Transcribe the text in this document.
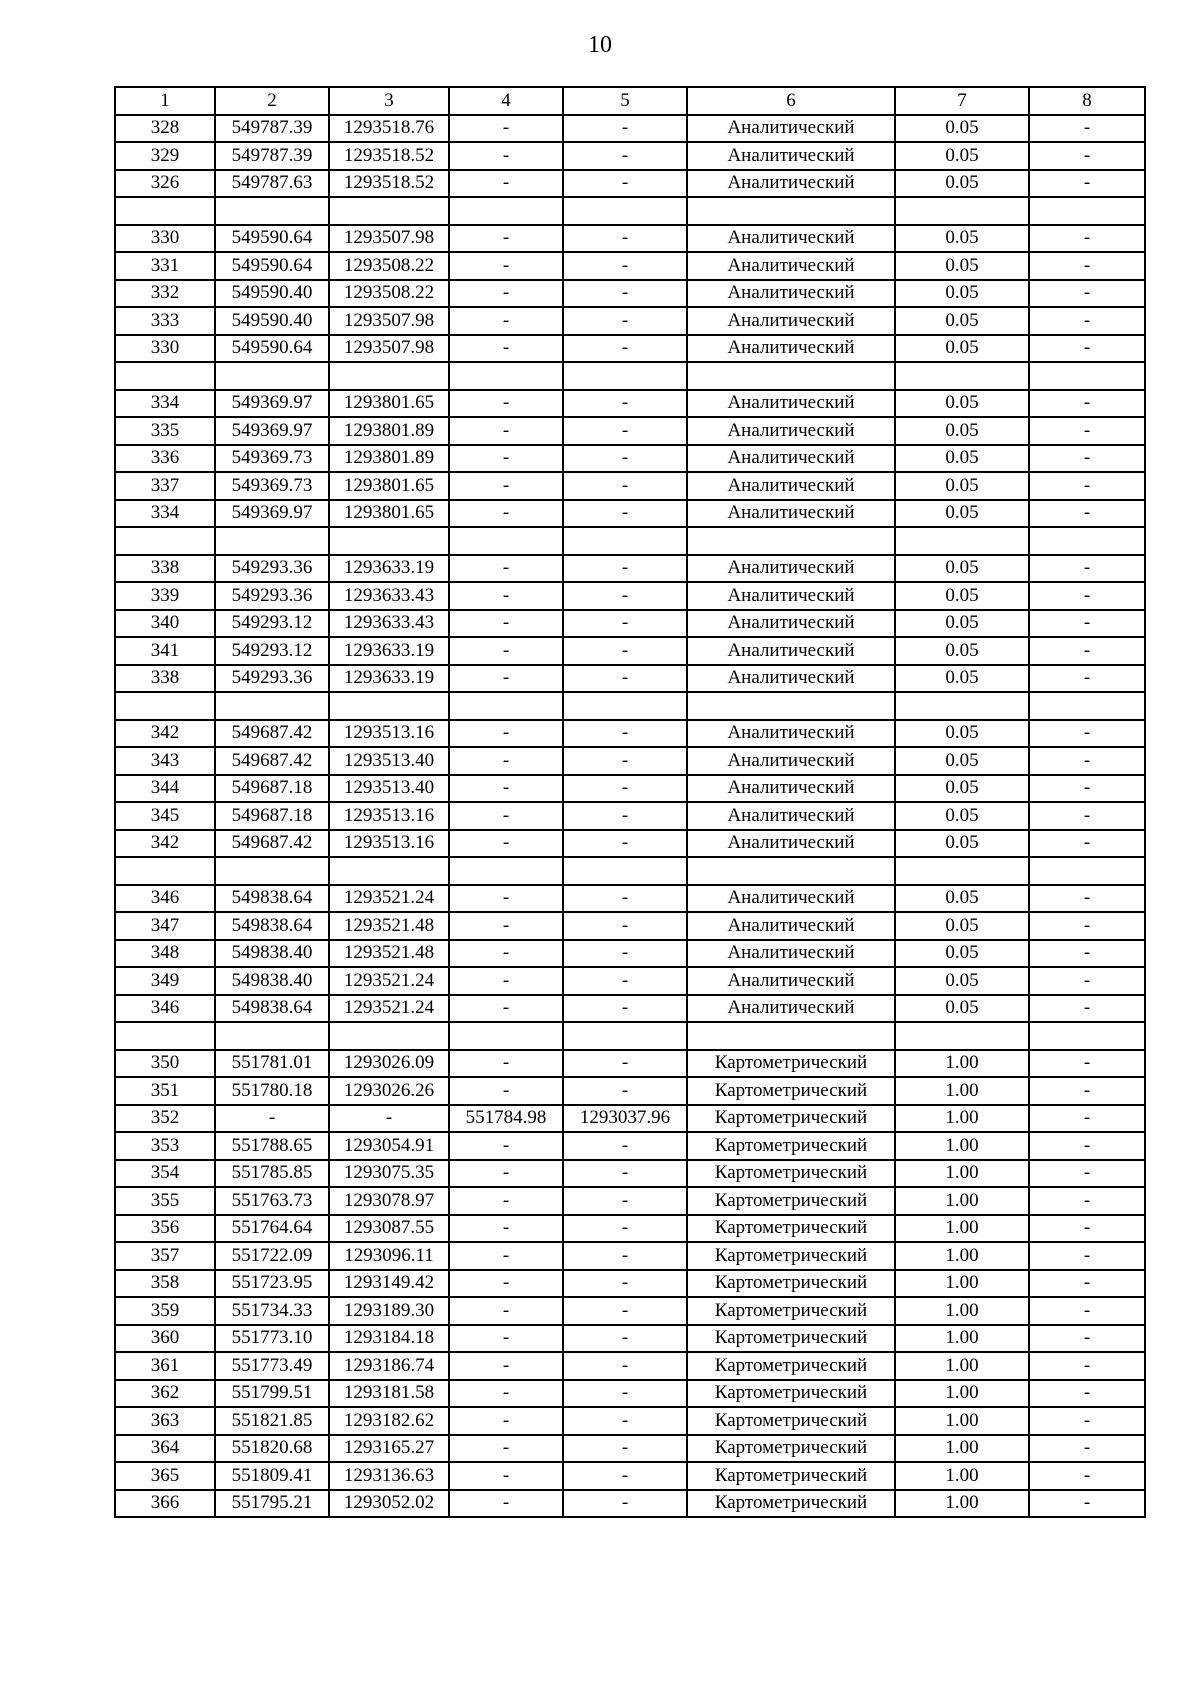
10
1	2	3	4	5	6	7	8
328	549787.39	1293518.76	-	-	Аналитический	0.05	-
329	549787.39	1293518.52	-	-	Аналитический	0.05	-
326	549787.63	1293518.52	-	-	Аналитический	0.05	-

330	549590.64	1293507.98	-	-	Аналитический	0.05	-
331	549590.64	1293508.22	-	-	Аналитический	0.05	-
332	549590.40	1293508.22	-	-	Аналитический	0.05	-
333	549590.40	1293507.98	-	-	Аналитический	0.05	-
330	549590.64	1293507.98	-	-	Аналитический	0.05	-

334	549369.97	1293801.65	-	-	Аналитический	0.05	-
335	549369.97	1293801.89	-	-	Аналитический	0.05	-
336	549369.73	1293801.89	-	-	Аналитический	0.05	-
337	549369.73	1293801.65	-	-	Аналитический	0.05	-
334	549369.97	1293801.65	-	-	Аналитический	0.05	-

338	549293.36	1293633.19	-	-	Аналитический	0.05	-
339	549293.36	1293633.43	-	-	Аналитический	0.05	-
340	549293.12	1293633.43	-	-	Аналитический	0.05	-
341	549293.12	1293633.19	-	-	Аналитический	0.05	-
338	549293.36	1293633.19	-	-	Аналитический	0.05	-

342	549687.42	1293513.16	-	-	Аналитический	0.05	-
343	549687.42	1293513.40	-	-	Аналитический	0.05	-
344	549687.18	1293513.40	-	-	Аналитический	0.05	-
345	549687.18	1293513.16	-	-	Аналитический	0.05	-
342	549687.42	1293513.16	-	-	Аналитический	0.05	-

346	549838.64	1293521.24	-	-	Аналитический	0.05	-
347	549838.64	1293521.48	-	-	Аналитический	0.05	-
348	549838.40	1293521.48	-	-	Аналитический	0.05	-
349	549838.40	1293521.24	-	-	Аналитический	0.05	-
346	549838.64	1293521.24	-	-	Аналитический	0.05	-

350	551781.01	1293026.09	-	-	Картометрический	1.00	-
351	551780.18	1293026.26	-	-	Картометрический	1.00	-
352	-	-	551784.98	1293037.96	Картометрический	1.00	-
353	551788.65	1293054.91	-	-	Картометрический	1.00	-
354	551785.85	1293075.35	-	-	Картометрический	1.00	-
355	551763.73	1293078.97	-	-	Картометрический	1.00	-
356	551764.64	1293087.55	-	-	Картометрический	1.00	-
357	551722.09	1293096.11	-	-	Картометрический	1.00	-
358	551723.95	1293149.42	-	-	Картометрический	1.00	-
359	551734.33	1293189.30	-	-	Картометрический	1.00	-
360	551773.10	1293184.18	-	-	Картометрический	1.00	-
361	551773.49	1293186.74	-	-	Картометрический	1.00	-
362	551799.51	1293181.58	-	-	Картометрический	1.00	-
363	551821.85	1293182.62	-	-	Картометрический	1.00	-
364	551820.68	1293165.27	-	-	Картометрический	1.00	-
365	551809.41	1293136.63	-	-	Картометрический	1.00	-
366	551795.21	1293052.02	-	-	Картометрический	1.00	-
